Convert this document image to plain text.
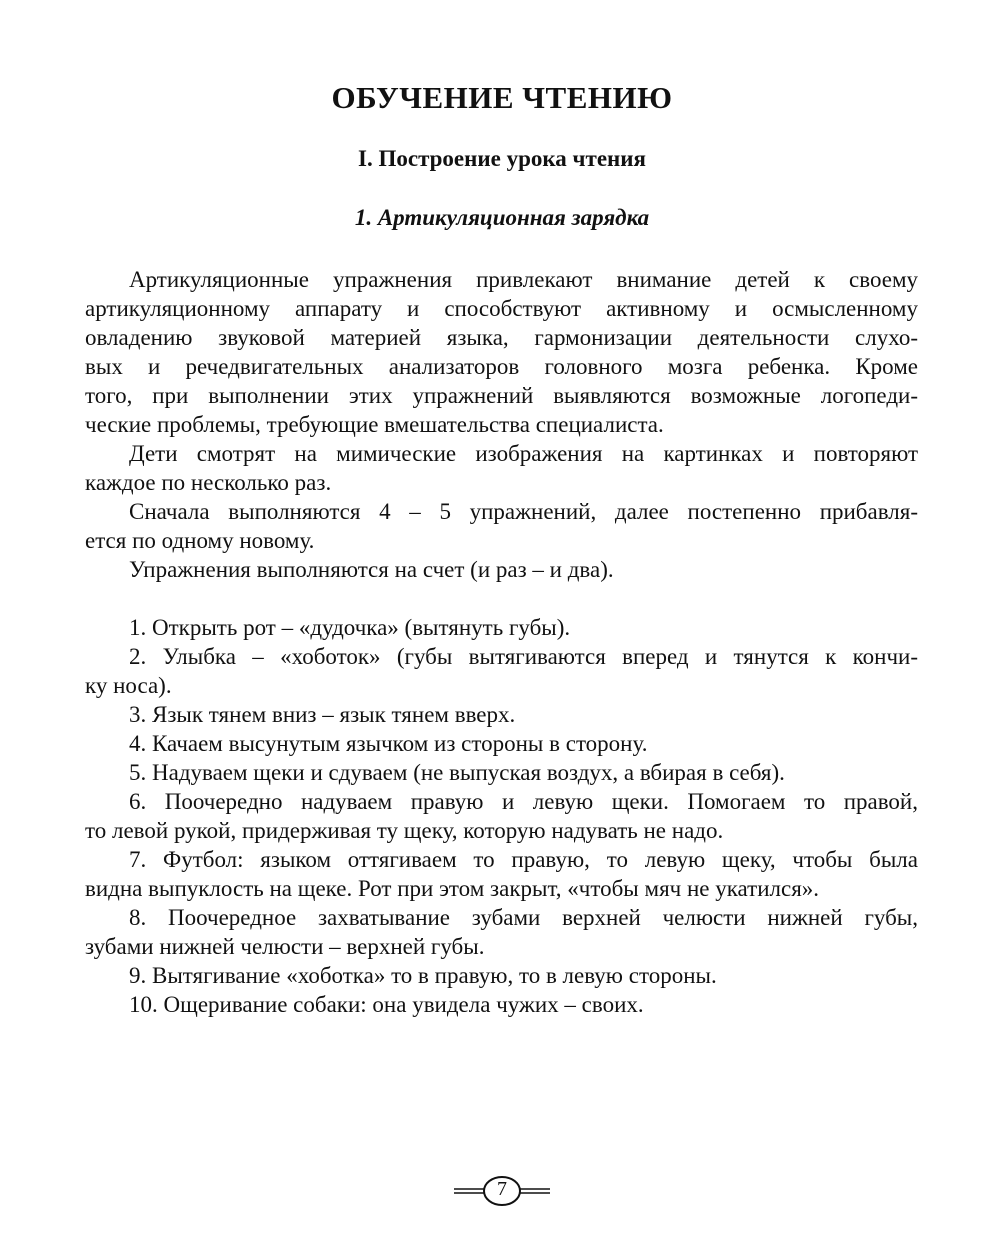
ОБУЧЕНИЕ ЧТЕНИЮ
I. Построение урока чтения
1. Артикуляционная зарядка
Артикуляционные упражнения привлекают внимание детей к своему
артикуляционному аппарату и способствуют активному и осмысленному
овладению звуковой материей языка, гармонизации деятельности слухо-
вых и речедвигательных анализаторов головного мозга ребенка. Кроме
того, при выполнении этих упражнений выявляются возможные логопеди-
ческие проблемы, требующие вмешательства специалиста.
Дети смотрят на мимические изображения на картинках и повторяют
каждое по несколько раз.
Сначала выполняются 4 – 5 упражнений, далее постепенно прибавля-
ется по одному новому.
Упражнения выполняются на счет (и раз – и два).
1. Открыть рот – «дудочка» (вытянуть губы).
2. Улыбка – «хоботок» (губы вытягиваются вперед и тянутся к кончи-
ку носа).
3. Язык тянем вниз – язык тянем вверх.
4. Качаем высунутым язычком из стороны в сторону.
5. Надуваем щеки и сдуваем (не выпуская воздух, а вбирая в себя).
6. Поочередно надуваем правую и левую щеки. Помогаем то правой,
то левой рукой, придерживая ту щеку, которую надувать не надо.
7. Футбол: языком оттягиваем то правую, то левую щеку, чтобы была
видна выпуклость на щеке. Рот при этом закрыт, «чтобы мяч не укатился».
8. Поочередное захватывание зубами верхней челюсти нижней губы,
зубами нижней челюсти – верхней губы.
9. Вытягивание «хоботка» то в правую, то в левую стороны.
10. Ощеривание собаки: она увидела чужих – своих.
7
